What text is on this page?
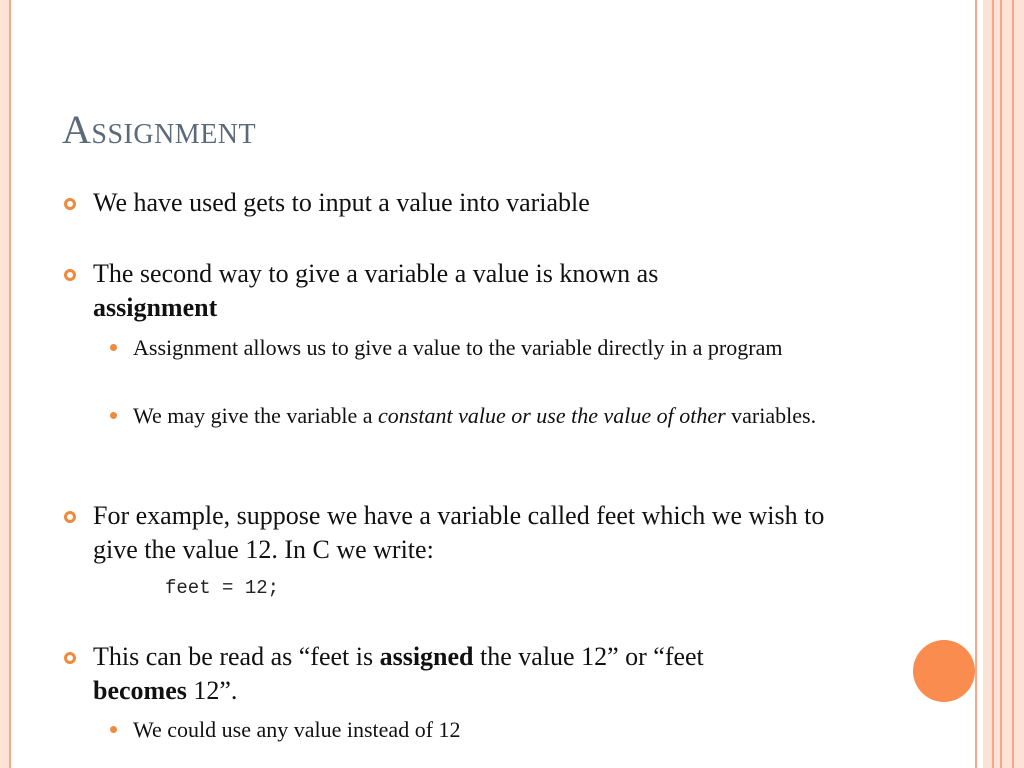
Assignment
We have used gets to input a value into variable
The second way to give a variable a value is known as
assignment
Assignment allows us to give a value to the variable directly in a program
We may give the variable a constant value or use the value of other variables.
For example, suppose we have a variable called feet which we wish to give the value 12. In C we write:
feet = 12;
This can be read as “feet is assigned the value 12” or “feet
becomes 12”.
We could use any value instead of 12
